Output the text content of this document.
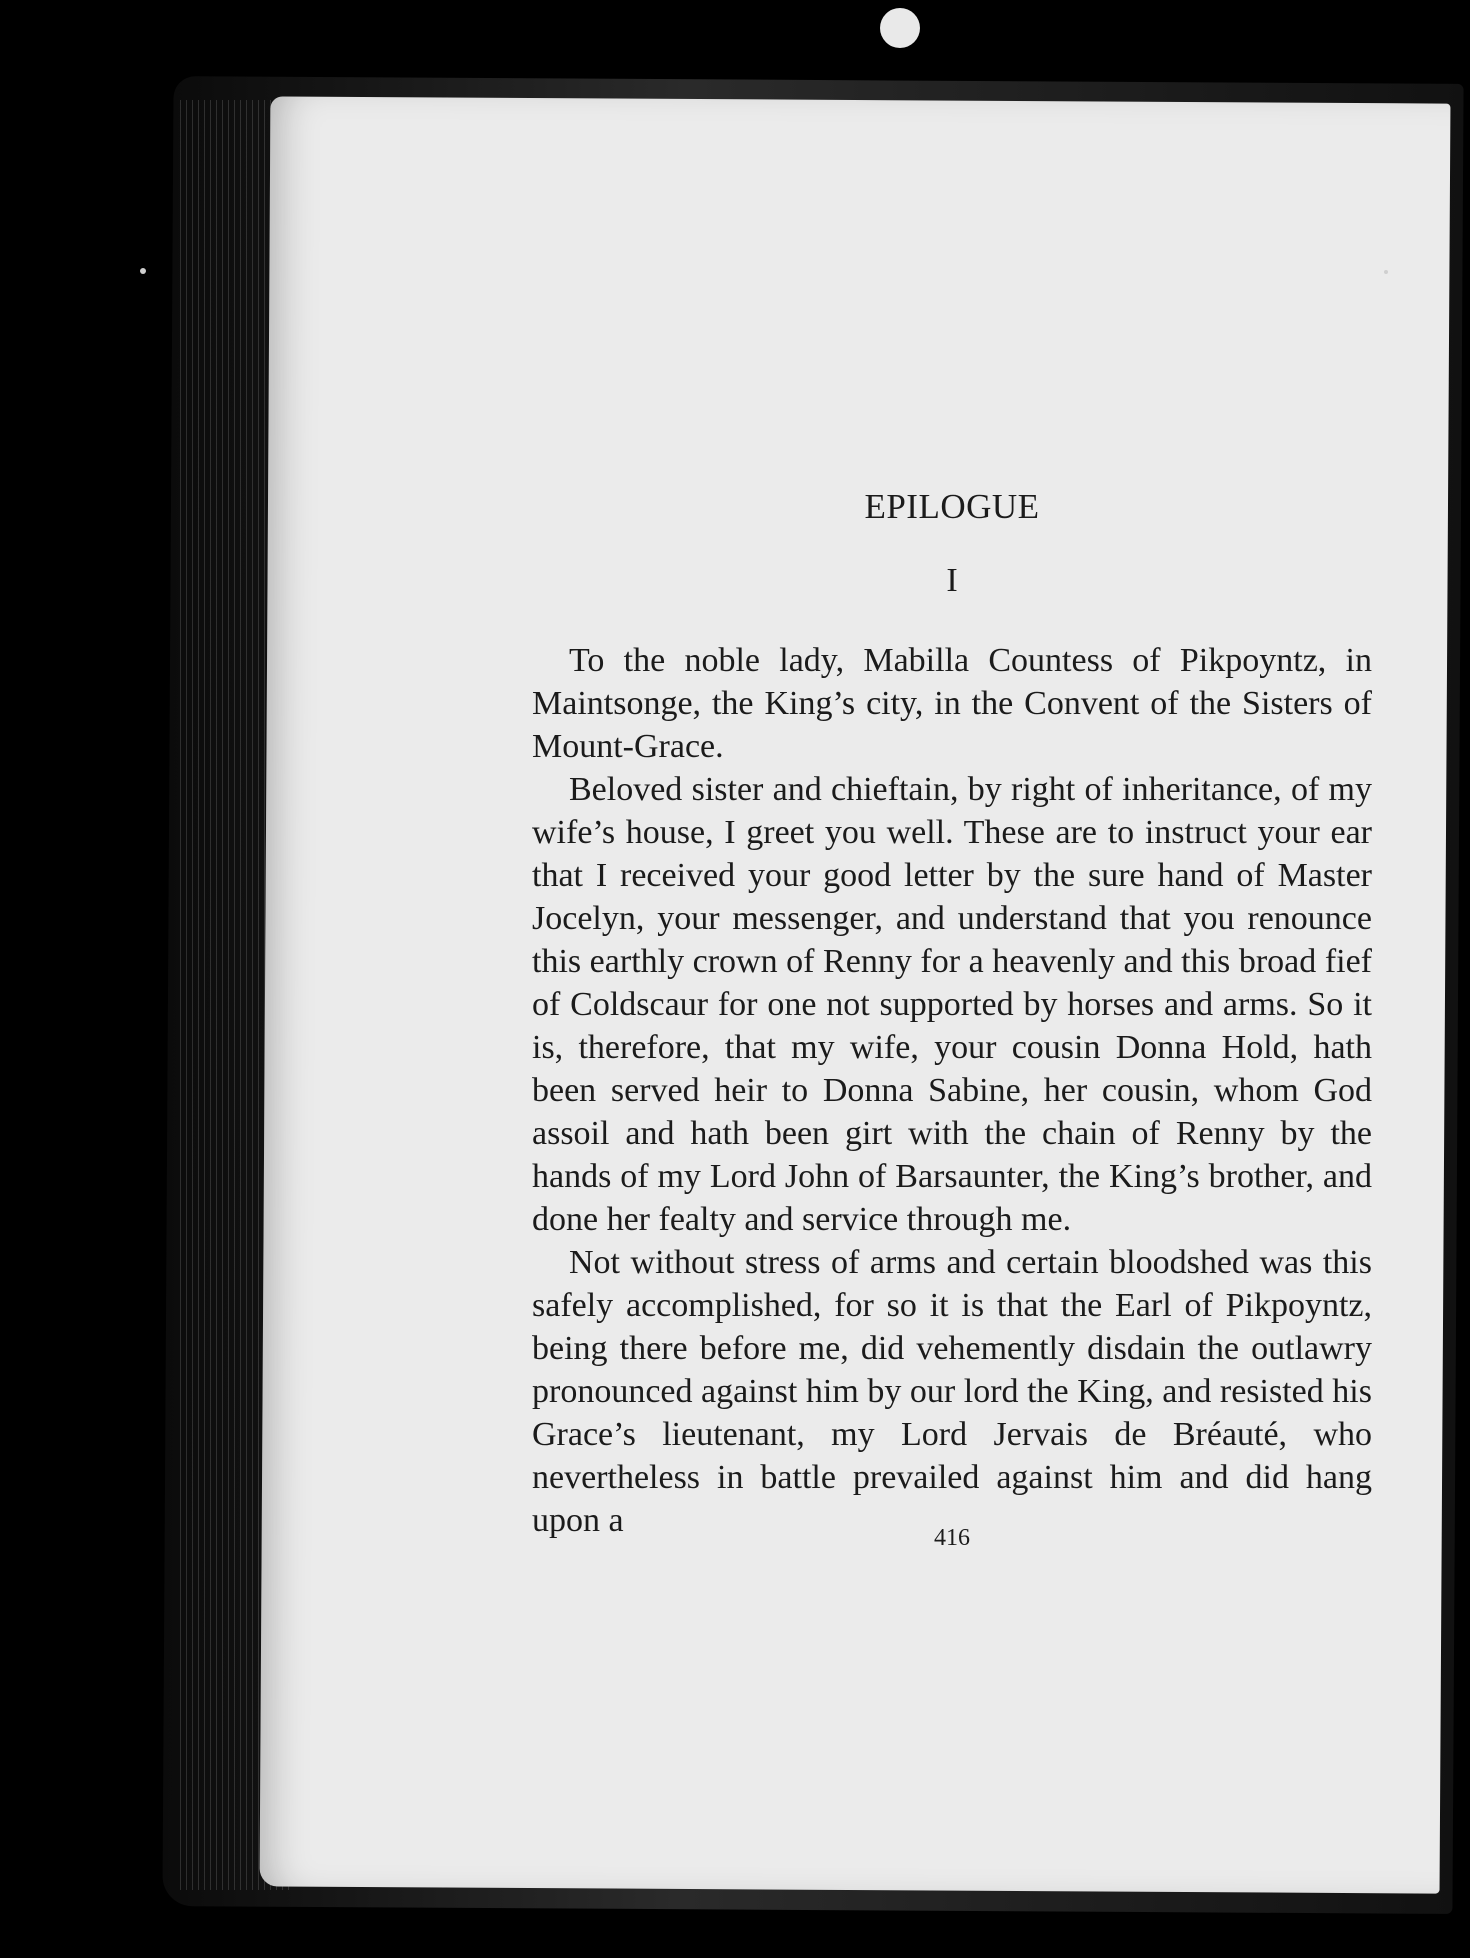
EPILOGUE
I

To the noble lady, Mabilla Countess of Pikpoyntz, in Maintsonge, the King’s city, in the Convent of the Sisters of Mount-Grace.

Beloved sister and chieftain, by right of inheritance, of my wife’s house, I greet you well. These are to instruct your ear that I received your good letter by the sure hand of Master Jocelyn, your messenger, and understand that you renounce this earthly crown of Renny for a heavenly and this broad fief of Coldscaur for one not supported by horses and arms. So it is, therefore, that my wife, your cousin Donna Hold, hath been served heir to Donna Sabine, her cousin, whom God assoil and hath been girt with the chain of Renny by the hands of my Lord John of Barsaunter, the King’s brother, and done her fealty and service through me.

Not without stress of arms and certain bloodshed was this safely accomplished, for so it is that the Earl of Pikpoyntz, being there before me, did vehemently disdain the outlawry pronounced against him by our lord the King, and resisted his Grace’s lieutenant, my Lord Jervais de Bréauté, who nevertheless in battle prevailed against him and did hang upon a	416
